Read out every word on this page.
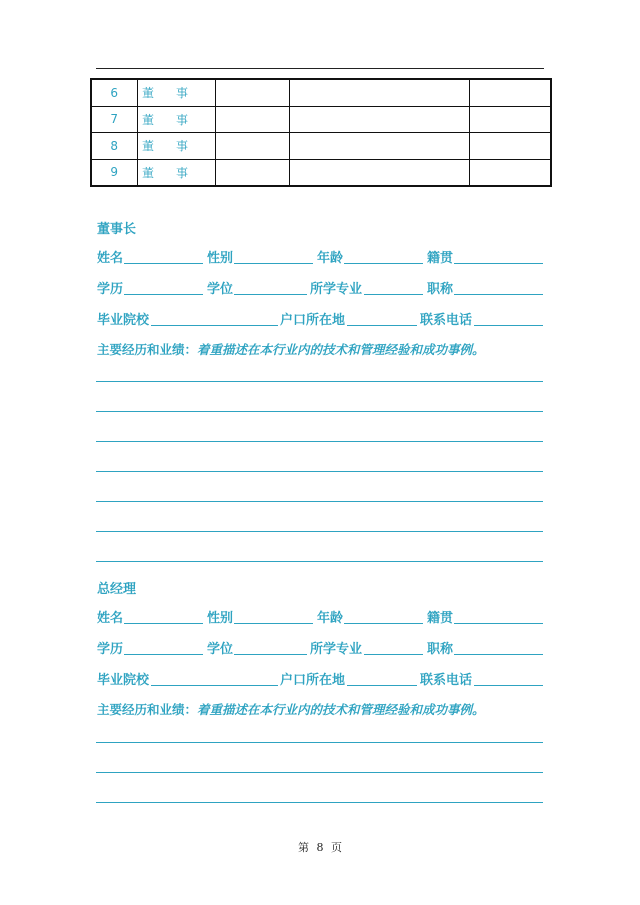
6	董事			
7	董事			
8	董事			
9	董事			
董事长
姓名	性别	年龄	籍贯
学历	学位	所学专业	职称
毕业院校	户口所在地	联系电话
主要经历和业绩：着重描述在本行业内的技术和管理经验和成功事例。
总经理
姓名	性别	年龄	籍贯
学历	学位	所学专业	职称
毕业院校	户口所在地	联系电话
主要经历和业绩：着重描述在本行业内的技术和管理经验和成功事例。
第 8 页
